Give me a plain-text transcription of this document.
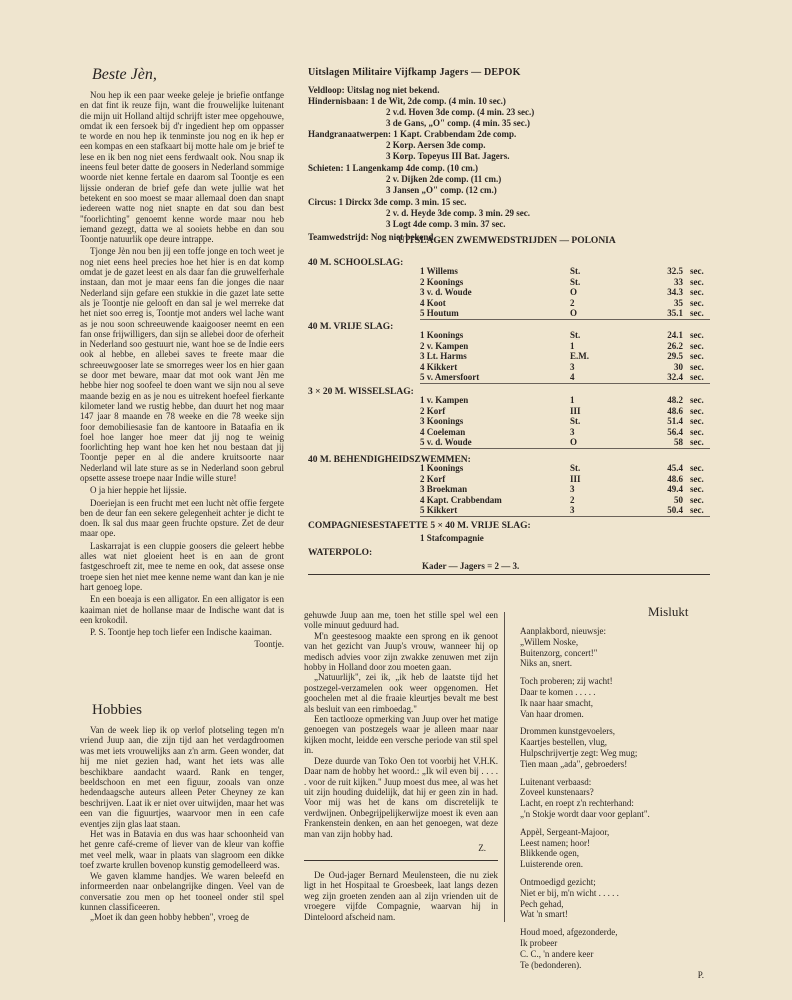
Beste Jèn,

Nou hep ik een paar weeke geleje je briefie ontfange en dat fint ik reuze fijn, want die frouwelijke luitenant die mijn uit Holland altijd schrijft ister mee opgehouwe, omdat ik een fersoek bij d'r ingedient hep om oppasser te worde en nou hep ik tenminste jou nog en ik hep er een kompas en een stafkaart bij motte hale om je brief te lese en ik ben nog niet eens ferdwaalt ook. Nou snap ik ineens feul beter datte de goosers in Nederland sommige woorde niet kenne fertale en daarom sal Toontje es een lijssie onderan de brief gefe dan wete jullie wat het betekent en soo moest se maar allemaal doen dan snapt iedereen watte nog niet snapte en dat sou dan best "foorlichting" genoemt kenne worde maar nou heb iemand gezegt, datta we al sooiets hebbe en dan sou Toontje natuurlik ope deure intrappe.

Tjonge Jèn nou ben jij een toffe jonge en toch weet je nog niet eens heel precies hoe het hier is en dat komp omdat je de gazet leest en als daar fan die gruwelferhale instaan, dan mot je maar eens fan die jonges die naar Nederland sijn gefare een stukkie in die gazet late sette als je Toontje nie gelooft en dan sal je wel merreke dat het niet soo erreg is, Toontje mot anders wel lache want as je nou soon schreeuwende kaaigooser neemt en een fan onse frijwilligers, dan sijn se allebei door de oferheit in Nederland soo gestuurt nie, want hoe se de Indie eers ook al hebbe, en allebei saves te freete maar die schreeuwgooser late se smorreges weer los en hier gaan se door met beware, maar dat mot ook want Jèn me hebbe hier nog soofeel te doen want we sijn nou al seve maande bezig en as je nou es uitrekent hoefeel fierkante kilometer land we rustig hebbe, dan duurt het nog maar 147 jaar 8 maande en 78 weeke en die 78 weeke sijn foor demobiliesasie fan de kantoore in Bataafia en ik foel hoe langer hoe meer dat jij nog te weinig foorlichting hep want hoe ken het nou bestaan dat jij Toontje peper en al die andere kruitsoorte naar Nederland wil late sture as se in Nederland soon gebrul opsette assese troepe naar Indie wille sture!

O ja hier heppie het lijssie.

Doeriejan is een frucht met een lucht nèt offie fergete ben de deur fan een sekere gelegenheit achter je dicht te doen. Ik sal dus maar geen fruchte opsture. Zet de deur maar ope.

Laskarrajat is een cluppie goosers die geleert hebbe alles wat niet gloeient heet is en aan de gront fastgeschroeft zit, mee te neme en ook, dat assese onse troepe sien het niet mee kenne neme want dan kan je nie hart genoeg lope.

En een boeaja is een alligator. En een alligator is een kaaiman niet de hollanse maar de Indische want dat is een krokodil.

P. S. Toontje hep toch liefer een Indische kaaiman.

Toontje.
Hobbies

Van de week liep ik op verlof plotseling tegen m'n vriend Juup aan, die zijn tijd aan het verdagdroomen was met iets vrouwelijks aan z'n arm. Geen wonder, dat hij me niet gezien had, want het iets was alle beschikbare aandacht waard. Rank en tenger, beeldschoon en met een figuur, zooals van onze hedendaagsche auteurs alleen Peter Cheyney ze kan beschrijven. Laat ik er niet over uitwijden, maar het was een van die figuurtjes, waarvoor men in een cafe eventjes zijn glas laat staan.

Het was in Batavia en dus was haar schoonheid van het genre café-creme of liever van de kleur van koffie met veel melk, waar in plaats van slagroom een dikke toef zwarte krullen bovenop kunstig gemodelleerd was.

We gaven klamme handjes. We waren beleefd en informeerden naar onbelangrijke dingen. Veel van de conversatie zou men op het tooneel onder stil spel kunnen classificeeren.

„Moet ik dan geen hobby hebben", vroeg de

gehuwde Juup aan me, toen het stille spel wel een volle minuut geduurd had.

M'n geestesoog maakte een sprong en ik genoot van het gezicht van Juup's vrouw, wanneer hij op medisch advies voor zijn zwakke zenuwen met zijn hobby in Holland door zou moeten gaan.

„Natuurlijk", zei ik, „ik heb de laatste tijd het postzegel-verzamelen ook weer opgenomen. Het goochelen met al die fraaie kleurtjes bevalt me best als besluit van een rimboedag."

Een tactlooze opmerking van Juup over het matige genoegen van postzegels waar je alleen maar naar kijken mocht, leidde een versche periode van stil spel in.

Deze duurde van Toko Oen tot voorbij het V.H.K. Daar nam de hobby het woord.: „Ik wil even bij . . . . . voor de ruit kijken." Juup moest dus mee, al was het uit zijn houding duidelijk, dat hij er geen zin in had. Voor mij was het de kans om discretelijk te verdwijnen. Onbegrijpelijkerwijze moest ik even aan Frankenstein denken, en aan het genoegen, wat deze man van zijn hobby had.

Z.

De Oud-jager Bernard Meulensteen, die nu ziek ligt in het Hospitaal te Groesbeek, laat langs dezen weg zijn groeten zenden aan al zijn vrienden uit de vroegere vijfde Compagnie, waarvan hij in Dinteloord afscheid nam.

Uitslagen Militaire Vijfkamp Jagers — DEPOK
Veldloop: Uitslag nog niet bekend.
Hindernisbaan: 1 de Wit, 2de comp. (4 min. 10 sec.)
2 v.d. Hoven 3de comp. (4 min. 23 sec.)
3 de Gans, „O" comp. (4 min. 35 sec.)
Handgranaatwerpen: 1 Kapt. Crabbendam 2de comp.
2 Korp. Aersen 3de comp.
3 Korp. Topeyus III Bat. Jagers.
Schieten: 1 Langenkamp 4de comp. (10 cm.)
2 v. Dijken 2de comp. (11 cm.)
3 Jansen „O" comp. (12 cm.)
Circus: 1 Dirckx 3de comp. 3 min. 15 sec.
2 v. d. Heyde 3de comp. 3 min. 29 sec.
3 Logt 4de comp. 3 min. 37 sec.
Teamwedstrijd: Nog niet bekend.
UITSLAGEN ZWEMWEDSTRIJDEN — POLONIA
40 M. SCHOOLSLAG:
1 Willems	St.	32.5 sec.
2 Koonings	St.	33 sec.
3 v. d. Woude	O	34.3 sec.
4 Koot	2	35 sec.
5 Houtum	O	35.1 sec.
40 M. VRIJE SLAG:
1 Koonings	St.	24.1 sec.
2 v. Kampen	1	26.2 sec.
3 Lt. Harms	E.M.	29.5 sec.
4 Kikkert	3	30 sec.
5 v. Amersfoort	4	32.4 sec.
3 × 20 M. WISSELSLAG:
1 v. Kampen	1	48.2 sec.
2 Korf	III	48.6 sec.
3 Koonings	St.	51.4 sec.
4 Coeleman	3	56.4 sec.
5 v. d. Woude	O	58 sec.
40 M. BEHENDIGHEIDSZWEMMEN:
1 Koonings	St.	45.4 sec.
2 Korf	III	48.6 sec.
3 Broekman	3	49.4 sec.
4 Kapt. Crabbendam	2	50 sec.
5 Kikkert	3	50.4 sec.
COMPAGNIESESTAFETTE 5 × 40 M. VRIJE SLAG:
1 Stafcompagnie
WATERPOLO:
Kader — Jagers = 2 — 3.
Mislukt
Aanplakbord, nieuwsje:
„Willem Noske,
Buitenzorg, concert!"
Niks an, snert.
Toch proberen; zij wacht!
Daar te komen . . . . .
Ik naar haar smacht,
Van haar dromen.
Drommen kunstgevoelers,
Kaartjes bestellen, vlug,
Hulpschrijvertje zegt: Weg mug;
Tien maan „ada", gebroeders!
Luitenant verbaasd:
Zoveel kunstenaars?
Lacht, en roept z'n rechterhand:
„'n Stokje wordt daar voor geplant".
Appèl, Sergeant-Majoor,
Leest namen; hoor!
Blikkende ogen,
Luisterende oren.
Ontmoedigd gezicht;
Niet er bij, m'n wicht . . . . .
Pech gehad,
Wat 'n smart!
Houd moed, afgezonderde,
Ik probeer
C. C., 'n andere keer
Te (bedonderen).
P.
